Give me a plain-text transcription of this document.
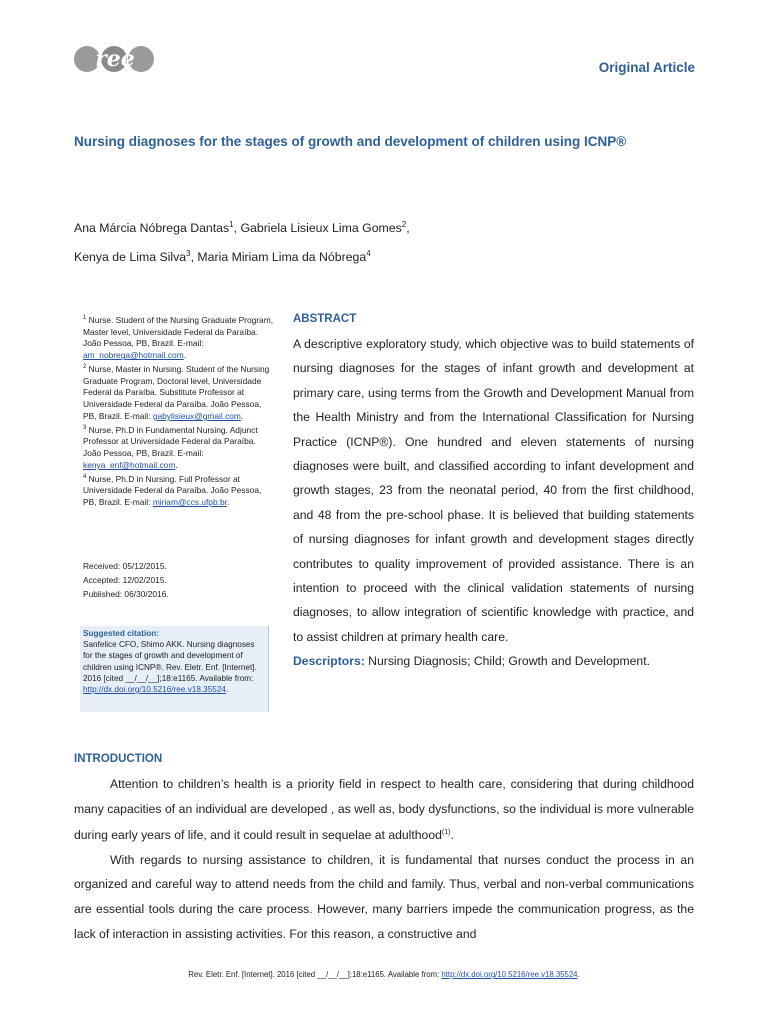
ree	Original Article
Nursing diagnoses for the stages of growth and development of children using ICNP®
Ana Márcia Nóbrega Dantas$^1$, Gabriela Lisieux Lima Gomes$^2$,
Kenya de Lima Silva$^3$, Maria Miriam Lima da Nóbrega$^4$

$^1$ Nurse. Student of the Nursing Graduate Program, Master level, Universidade Federal da Paraíba. João Pessoa, PB, Brazil. E-mail: am_nobrega@hotmail.com.

$^2$ Nurse, Master in Nursing. Student of the Nursing Graduate Program, Doctoral level, Universidade Federal da Paraíba. Substitute Professor at Universidade Federal da Paraíba. João Pessoa, PB, Brazil. E-mail: gabylisieux@gmail.com.

$^3$ Nurse, Ph.D in Fundamental Nursing. Adjunct Professor at Universidade Federal da Paraíba. João Pessoa, PB, Brazil. E-mail: kenya_enf@hotmail.com.

$^4$ Nurse, Ph.D in Nursing. Full Professor at Universidade Federal da Paraíba. João Pessoa, PB, Brazil. E-mail: miriam@ccs.ufpb.br.

Received: 05/12/2015.
Accepted: 12/02/2015.
Published: 06/30/2016.
Suggested citation:
Sanfelice CFO, Shimo AKK. Nursing diagnoses for the stages of growth and development of children using ICNP®. Rev. Eletr. Enf. [Internet]. 2016 [cited __/__/__];18:e1165. Available from: http://dx.doi.org/10.5216/ree.v18.35524.
ABSTRACT
A descriptive exploratory study, which objective was to build statements of nursing diagnoses for the stages of infant growth and development at primary care, using terms from the Growth and Development Manual from the Health Ministry and from the International Classification for Nursing Practice (ICNP®). One hundred and eleven statements of nursing diagnoses were built, and classified according to infant development and growth stages, 23 from the neonatal period, 40 from the first childhood, and 48 from the pre-school phase. It is believed that building statements of nursing diagnoses for infant growth and development stages directly contributes to quality improvement of provided assistance. There is an intention to proceed with the clinical validation statements of nursing diagnoses, to allow integration of scientific knowledge with practice, and to assist children at primary health care.
Descriptors: Nursing Diagnosis; Child; Growth and Development.
INTRODUCTION

Attention to children’s health is a priority field in respect to health care, considering that during childhood many capacities of an individual are developed , as well as, body dysfunctions, so the individual is more vulnerable during early years of life, and it could result in sequelae at adulthood$^{(1)}$.

With regards to nursing assistance to children, it is fundamental that nurses conduct the process in an organized and careful way to attend needs from the child and family. Thus, verbal and non-verbal communications are essential tools during the care process. However, many barriers impede the communication progress, as the lack of interaction in assisting activities. For this reason, a constructive and

Rev. Eletr. Enf. [Internet]. 2016 [cited __/__/__];18:e1165. Available from: http://dx.doi.org/10.5216/ree.v18.35524.
